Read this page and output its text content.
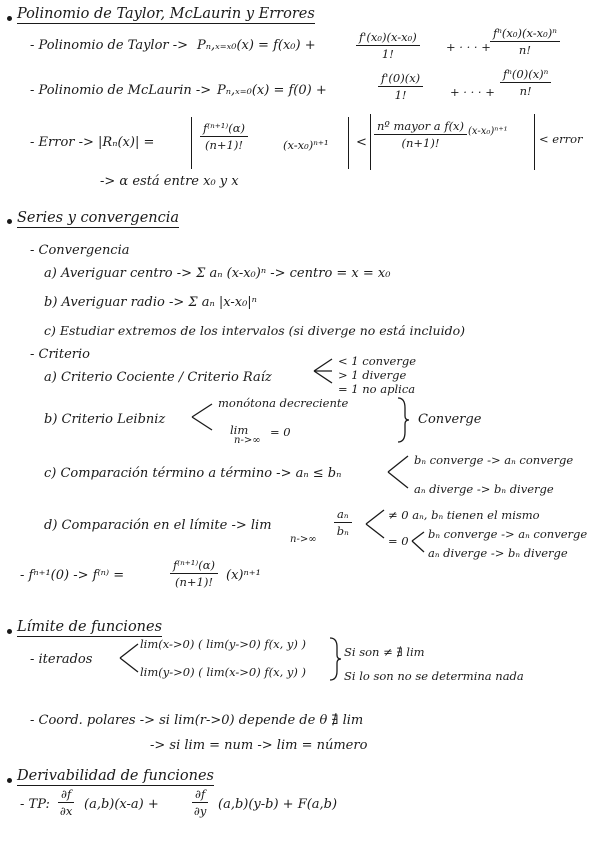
Polinomio de Taylor, McLaurin y Errores
- Polinomio de Taylor -> Pₙ,ₓ₌ₓ₀(x) = f(x₀) +	$\frac{\text{f'(x₀)(x-x₀)}}{1!}$ + · · · + $\frac{\text{fⁿ(x₀)(x-x₀)ⁿ}}{n!}$
- Polinomio de McLaurin -> Pₙ,ₓ₌₀(x) = f(0) +	$\frac{f'(0)(x)}{1!}$ + · · · + $\frac{\text{fⁿ(0)(x)ⁿ}}{n!}$
- Error -> |Rₙ(x)| =	$\frac{\text{f⁽ⁿ⁺¹⁾(α)}}{(n+1)!}$	(x-x₀)ⁿ⁺¹ <
nº mayor a f(x)
(n+1)!
(x-x₀)ⁿ⁺¹
< error
-> α está entre x₀ y x
Series y convergencia
- Convergencia
a) Averiguar centro -> Σ aₙ (x-x₀)ⁿ -> centro = x = x₀
b) Averiguar radio -> Σ aₙ |x-x₀|ⁿ
c) Estudiar extremos de los intervalos (si diverge no está incluido)
- Criterio
a) Criterio Cociente / Criterio Raíz
< 1 converge
> 1 diverge
= 1 no aplica
b) Criterio Leibniz
monótona decreciente
lim
n->∞
= 0
Converge
c) Comparación término a término -> aₙ ≤ bₙ
bₙ converge -> aₙ converge
aₙ diverge -> bₙ diverge
d) Comparación en el límite -> lim
n->∞
$\frac{\text{aₙ}}{\text{bₙ}}$	≠ 0 aₙ, bₙ tienen el mismo
= 0 bₙ converge -> aₙ converge
aₙ diverge -> bₙ diverge
- fⁿ⁺¹(0) -> f⁽ⁿ⁾ =	$\frac{\text{f⁽ⁿ⁺¹⁾(α)}}{(n+1)!} (x)^{n+1}$
Límite de funciones
- iterados
lim(x->0) ( lim(y->0) f(x, y) )
lim(y->0) ( lim(x->0) f(x, y) )
Si son ≠ ∄ lim
Si lo son no se determina nada
- Coord. polares -> si lim(r->0) depende de θ ∄ lim
-> si lim = num -> lim = número
Derivabilidad de funciones
- TP: $\frac{\partial f}{\partial x} (a,b)(x-a)$ +	$\frac{\partial f}{\partial y} (a,b)(y-b) + F(a,b)$
